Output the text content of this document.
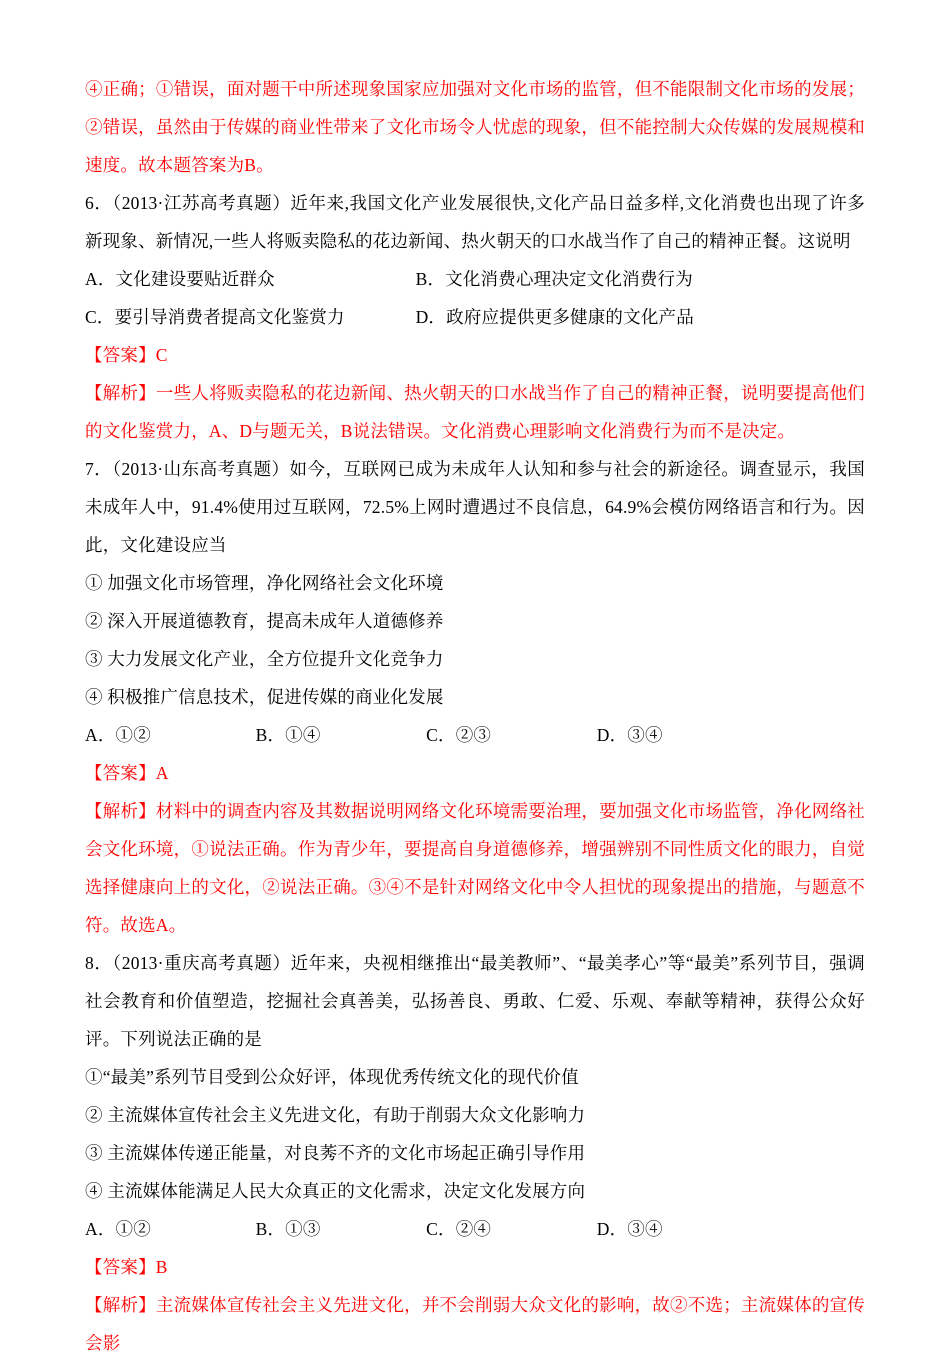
④正确；①错误，面对题干中所述现象国家应加强对文化市场的监管，但不能限制文化市场的发展；②错误，虽然由于传媒的商业性带来了文化市场令人忧虑的现象，但不能控制大众传媒的发展规模和速度。故本题答案为B。

6．（2013·江苏高考真题）近年来,我国文化产业发展很快,文化产品日益多样,文化消费也出现了许多新现象、新情况,一些人将贩卖隐私的花边新闻、热火朝天的口水战当作了自己的精神正餐。这说明

A．文化建设要贴近群众	B．文化消费心理决定文化消费行为

C．要引导消费者提高文化鉴赏力	D．政府应提供更多健康的文化产品

【答案】C

【解析】一些人将贩卖隐私的花边新闻、热火朝天的口水战当作了自己的精神正餐，说明要提高他们的文化鉴赏力，A、D与题无关，B说法错误。文化消费心理影响文化消费行为而不是决定。

7．（2013·山东高考真题）如今，互联网已成为未成年人认知和参与社会的新途径。调查显示，我国未成年人中，91.4%使用过互联网，72.5%上网时遭遇过不良信息，64.9%会模仿网络语言和行为。因此，文化建设应当

① 加强文化市场管理，净化网络社会文化环境

② 深入开展道德教育，提高未成年人道德修养

③ 大力发展文化产业，全方位提升文化竞争力

④ 积极推广信息技术，促进传媒的商业化发展

A．①②	B．①④	C．②③	D．③④

【答案】A

【解析】材料中的调查内容及其数据说明网络文化环境需要治理，要加强文化市场监管，净化网络社会文化环境，①说法正确。作为青少年，要提高自身道德修养，增强辨别不同性质文化的眼力，自觉选择健康向上的文化，②说法正确。③④不是针对网络文化中令人担忧的现象提出的措施，与题意不符。故选A。

8．（2013·重庆高考真题）近年来，央视相继推出“最美教师”、“最美孝心”等“最美”系列节目，强调社会教育和价值塑造，挖掘社会真善美，弘扬善良、勇敢、仁爱、乐观、奉献等精神，获得公众好评。下列说法正确的是

①“最美”系列节目受到公众好评，体现优秀传统文化的现代价值

② 主流媒体宣传社会主义先进文化，有助于削弱大众文化影响力

③ 主流媒体传递正能量，对良莠不齐的文化市场起正确引导作用

④ 主流媒体能满足人民大众真正的文化需求，决定文化发展方向

A．①②	B．①③	C．②④	D．③④

【答案】B

【解析】主流媒体宣传社会主义先进文化，并不会削弱大众文化的影响，故②不选；主流媒体的宣传会影
